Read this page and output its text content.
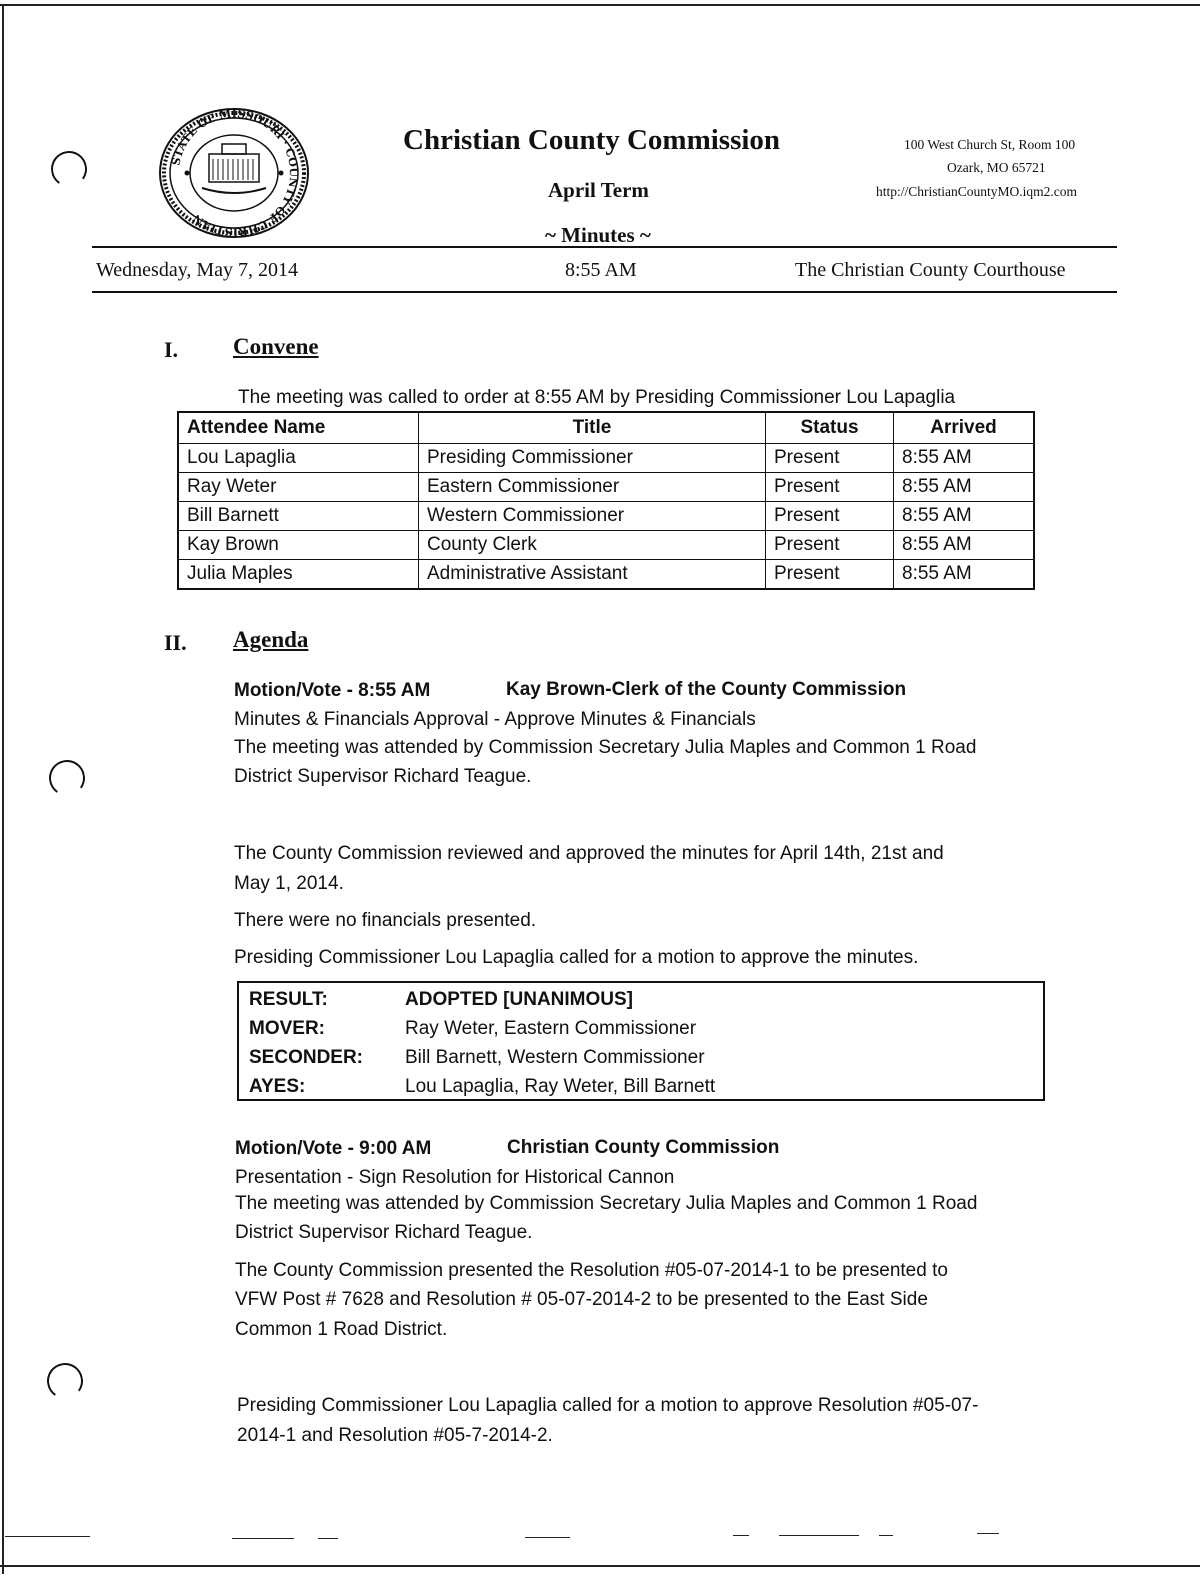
STATE OF MISSOURI · COUNTY OF CHRISTIAN
Christian County Commission
April Term
~ Minutes ~
100 West Church St, Room 100
Ozark, MO 65721
http://ChristianCountyMO.iqm2.com
Wednesday, May 7, 2014	8:55 AM	The Christian County Courthouse
I. Convene
The meeting was called to order at 8:55 AM by Presiding Commissioner Lou Lapaglia
Attendee Name	Title	Status	Arrived
Lou Lapaglia	Presiding Commissioner	Present	8:55 AM
Ray Weter	Eastern Commissioner	Present	8:55 AM
Bill Barnett	Western Commissioner	Present	8:55 AM
Kay Brown	County Clerk	Present	8:55 AM
Julia Maples	Administrative Assistant	Present	8:55 AM
II. Agenda
Motion/Vote - 8:55 AM	Kay Brown-Clerk of the County Commission
Minutes & Financials Approval - Approve Minutes & Financials
The meeting was attended by Commission Secretary Julia Maples and Common 1 Road
District Supervisor Richard Teague.
The County Commission reviewed and approved the minutes for April 14th, 21st and
May 1, 2014.
There were no financials presented.
Presiding Commissioner Lou Lapaglia called for a motion to approve the minutes.
RESULT:	ADOPTED [UNANIMOUS]
MOVER:	Ray Weter, Eastern Commissioner
SECONDER: Bill Barnett, Western Commissioner
AYES:	Lou Lapaglia, Ray Weter, Bill Barnett
Motion/Vote - 9:00 AM	Christian County Commission
Presentation - Sign Resolution for Historical Cannon
The meeting was attended by Commission Secretary Julia Maples and Common 1 Road
District Supervisor Richard Teague.
The County Commission presented the Resolution #05-07-2014-1 to be presented to
VFW Post # 7628 and Resolution # 05-07-2014-2 to be presented to the East Side
Common 1 Road District.
Presiding Commissioner Lou Lapaglia called for a motion to approve Resolution #05-07-
2014-1 and Resolution #05-7-2014-2.
